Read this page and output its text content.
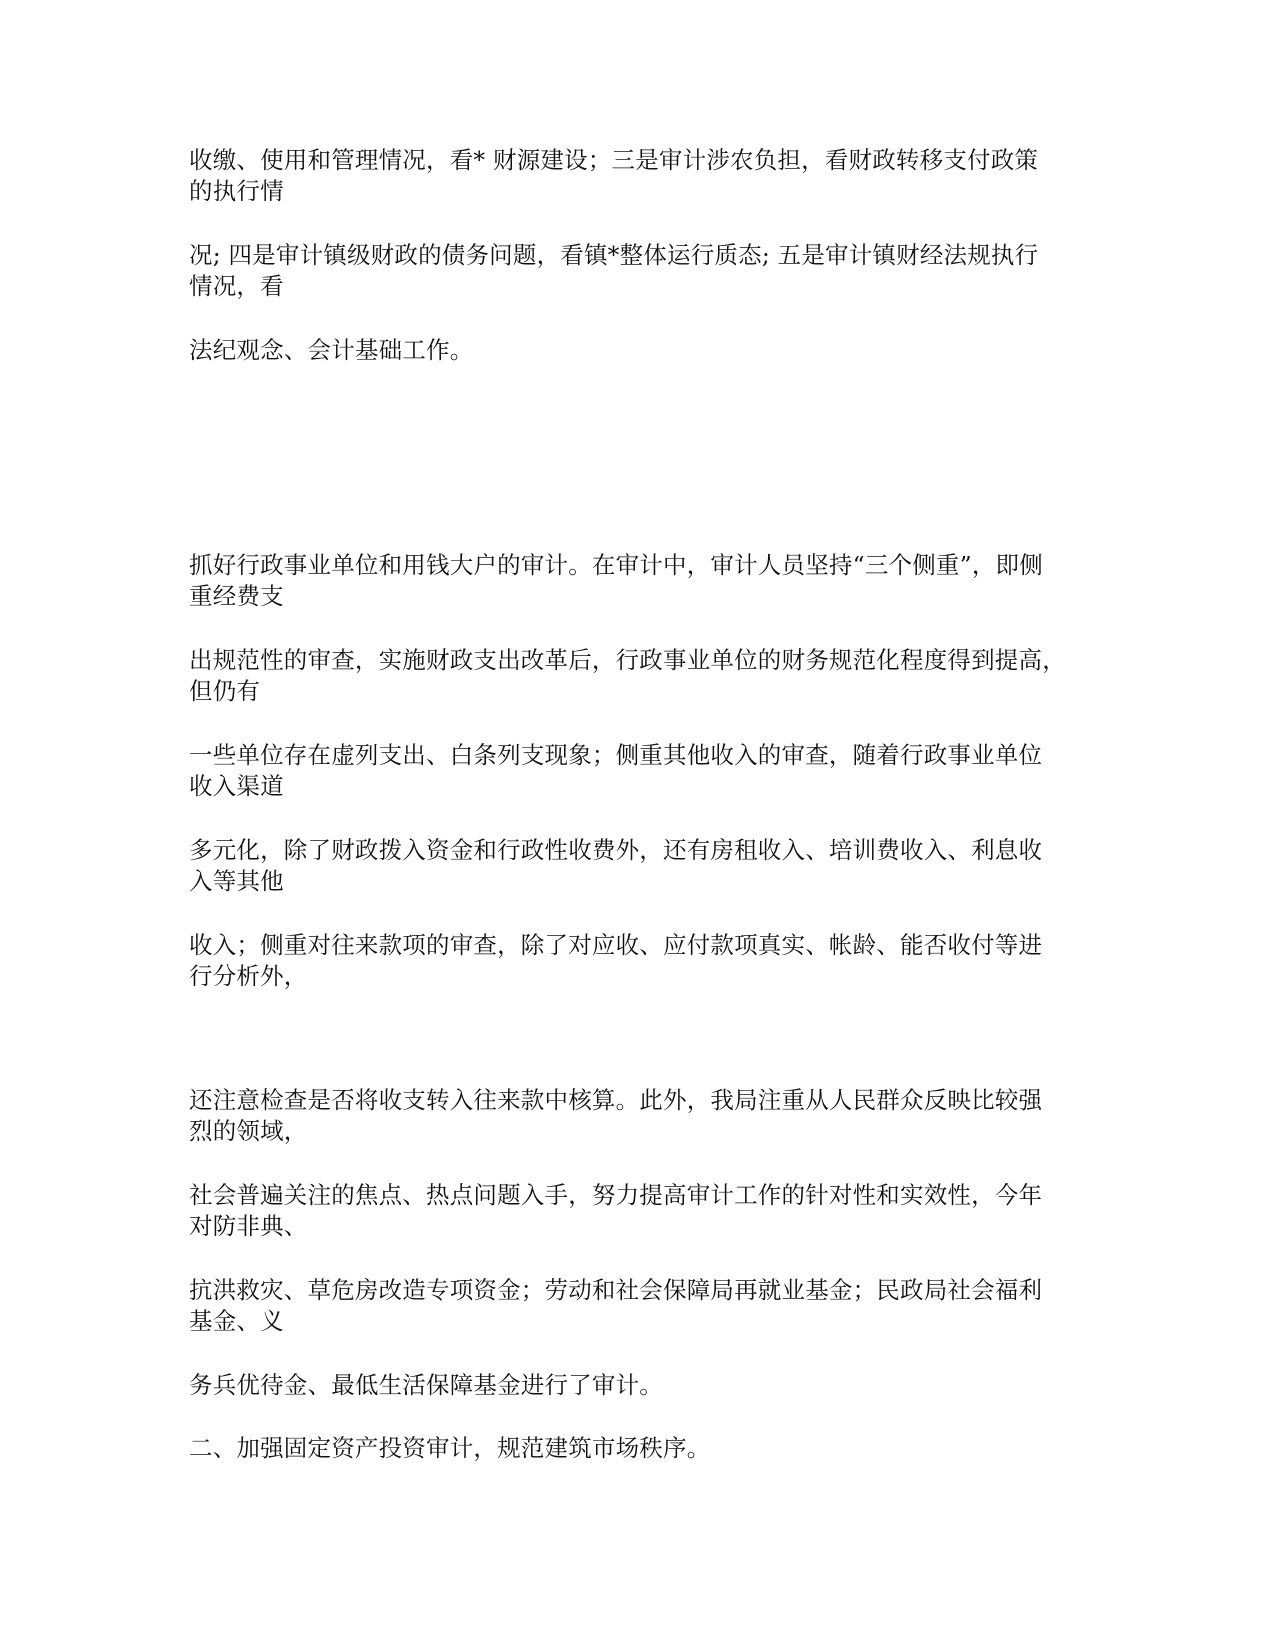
收缴、使用和管理情况，看* 财源建设；三是审计涉农负担，看财政转移支付政策
的执行情

况; 四是审计镇级财政的债务问题，看镇*整体运行质态; 五是审计镇财经法规执行
情况，看

法纪观念、会计基础工作。

抓好行政事业单位和用钱大户的审计。在审计中，审计人员坚持“三个侧重”，即侧
重经费支

出规范性的审查，实施财政支出改革后，行政事业单位的财务规范化程度得到提高，
但仍有

一些单位存在虚列支出、白条列支现象；侧重其他收入的审查，随着行政事业单位
收入渠道

多元化，除了财政拨入资金和行政性收费外，还有房租收入、培训费收入、利息收
入等其他

收入；侧重对往来款项的审查，除了对应收、应付款项真实、帐龄、能否收付等进
行分析外，

还注意检查是否将收支转入往来款中核算。此外，我局注重从人民群众反映比较强
烈的领域，

社会普遍关注的焦点、热点问题入手，努力提高审计工作的针对性和实效性，今年
对防非典、

抗洪救灾、草危房改造专项资金；劳动和社会保障局再就业基金；民政局社会福利
基金、义

务兵优待金、最低生活保障基金进行了审计。

二、加强固定资产投资审计，规范建筑市场秩序。
